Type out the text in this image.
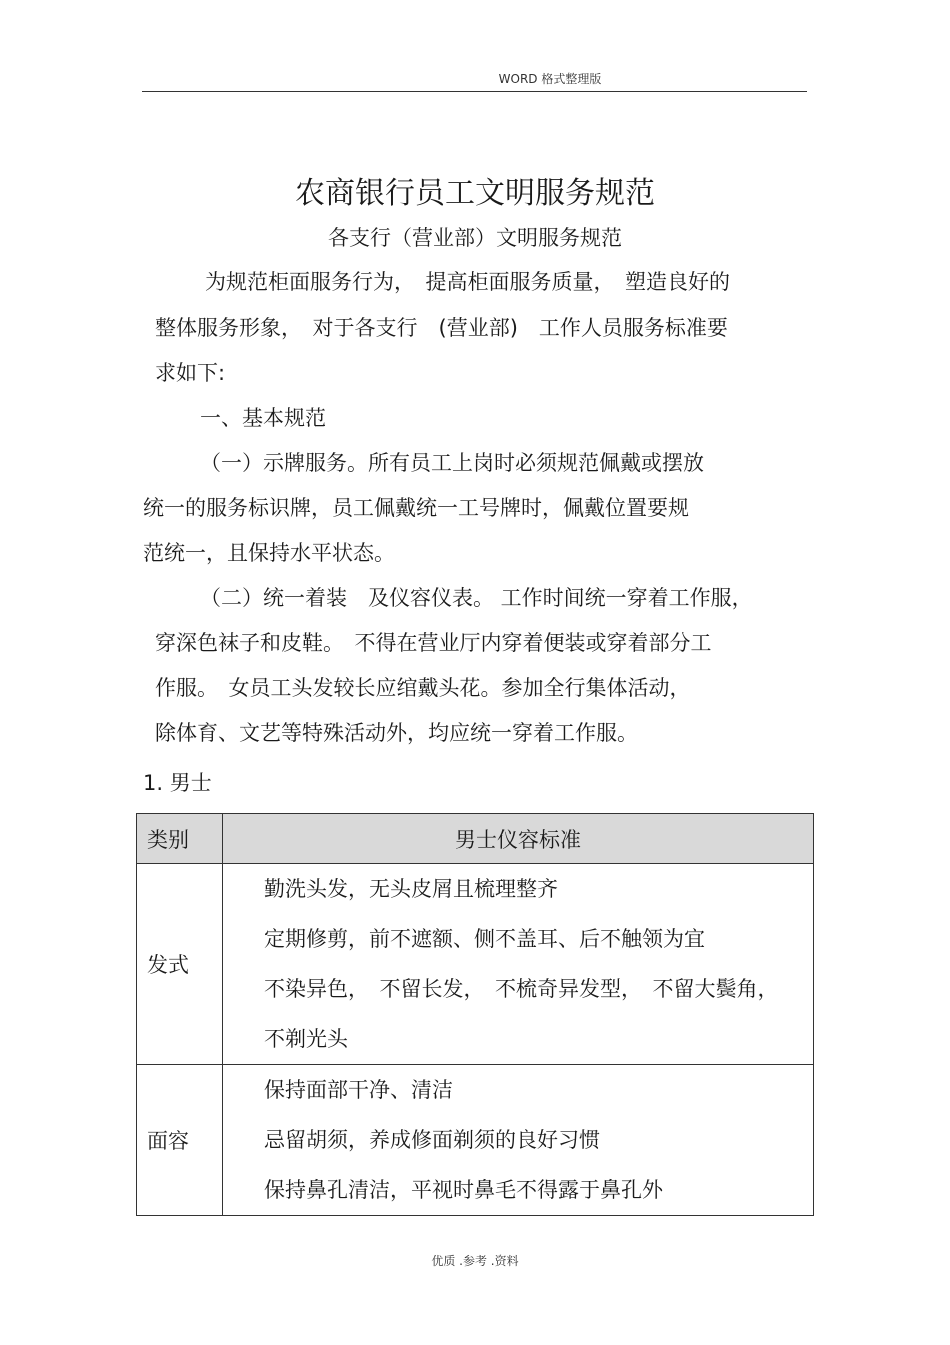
WORD 格式整理版
农商银行员工文明服务规范
各支行（营业部）文明服务规范
为规范柜面服务行为，　提高柜面服务质量，　塑造良好的
整体服务形象，　对于各支行　(营业部)　工作人员服务标准要
求如下:
一、基本规范
（一）示牌服务。所有员工上岗时必须规范佩戴或摆放
统一的服务标识牌，员工佩戴统一工号牌时，佩戴位置要规
范统一，且保持水平状态。
（二）统一着装　及仪容仪表。 工作时间统一穿着工作服，
穿深色袜子和皮鞋。　不得在营业厅内穿着便装或穿着部分工
作服。　女员工头发较长应绾戴头花。参加全行集体活动，
除体育、文艺等特殊活动外，均应统一穿着工作服。
1. 男士
类别	男士仪容标准
发式	勤洗头发，无头皮屑且梳理整齐
定期修剪，前不遮额、侧不盖耳、后不触领为宜
不染异色，　不留长发，　不梳奇异发型，　不留大鬓角，
不剃光头

面容	保持面部干净、清洁
忌留胡须，养成修面剃须的良好习惯
保持鼻孔清洁，平视时鼻毛不得露于鼻孔外
优质 .参考 .资料
